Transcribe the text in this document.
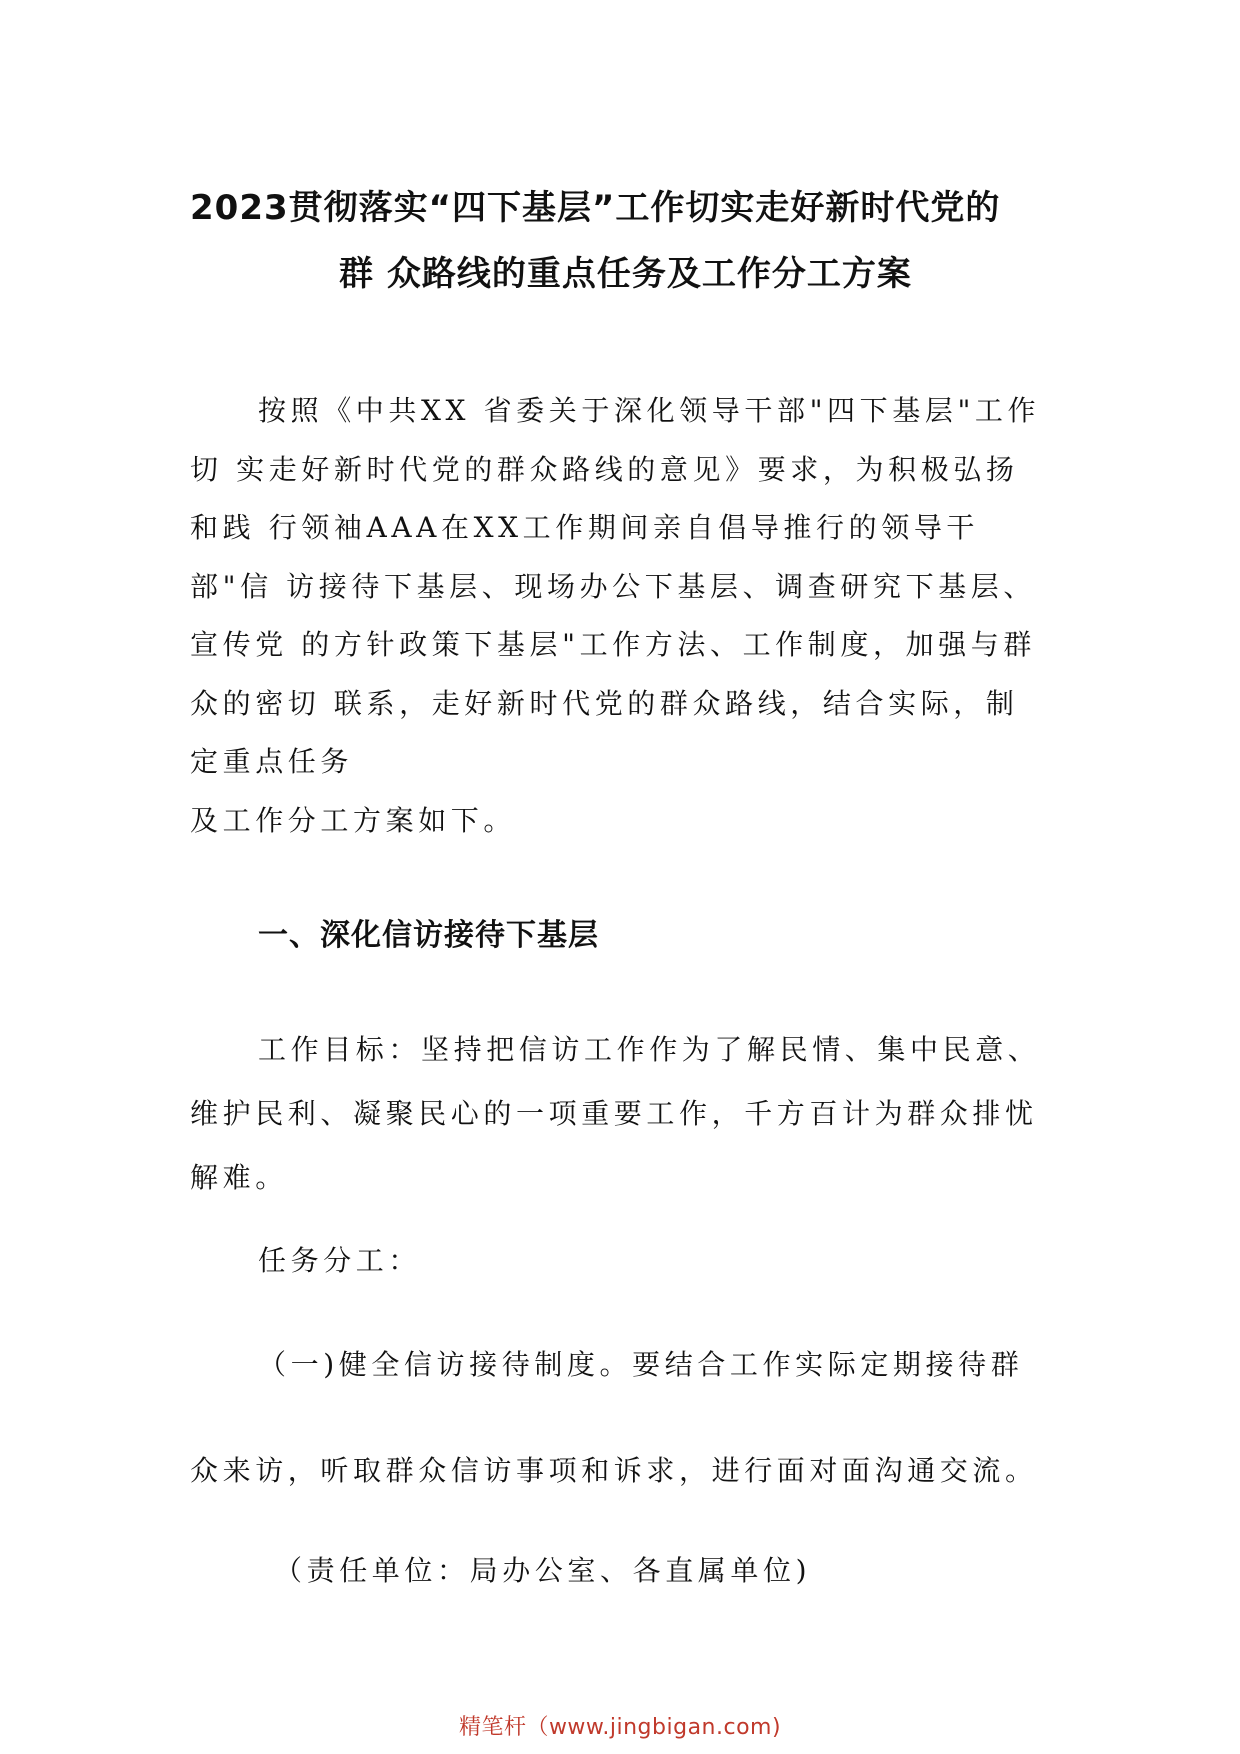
2023贯彻落实“四下基层”工作切实走好新时代党的
群 众路线的重点任务及工作分工方案
按照《中共XX 省委关于深化领导干部"四下基层"工作
切 实走好新时代党的群众路线的意见》要求，为积极弘扬
和践 行领袖AAA在XX工作期间亲自倡导推行的领导干
部"信 访接待下基层、现场办公下基层、调查研究下基层、
宣传党 的方针政策下基层"工作方法、工作制度，加强与群
众的密切 联系，走好新时代党的群众路线，结合实际，制
定重点任务
及工作分工方案如下。
一、深化信访接待下基层
工作目标：坚持把信访工作作为了解民情、集中民意、
维护民利、凝聚民心的一项重要工作，千方百计为群众排忧
解难。
任务分工：
（一)健全信访接待制度。要结合工作实际定期接待群
众来访，听取群众信访事项和诉求，进行面对面沟通交流。
（责任单位：局办公室、各直属单位)
精笔杆（www.jingbigan.com)
